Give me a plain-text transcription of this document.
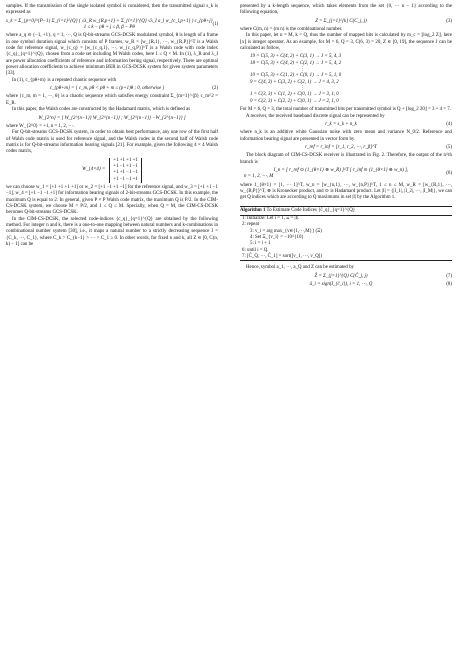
samples. If the transmission of the single isolated symbol is considered, then the transmitted signal s_k is expressed as

s_k = Σ_{p=0}^{P−1} Σ_{i=1}^{Q} ( √λ_R w_{R,p+1} + Σ_{l=1}^{Q} √λ_I a_l w_{c_l,p+1} ) c_{pθ+j}
1 ≤ k − pθ + j ≤ β, β − Pθ
(1)

where a_q ∈ {−1, +1}, q = 1, ⋯, Q is Q-bit-streams GCS-DCSK modulated symbol, θ is length of a frame in one symbol duration signal which consists of P frames, w_R = [w_{R,1}, ⋯, w_{R,P}]^T is a Walsh code for reference signal, w_{c_q} = [w_{c_q,1}, ⋯, w_{c_q,P}]^T is a Walsh code with code index {c_q}_{q=1}^{Q}, chosen from a code set including M Walsh codes, here 1 ≤ Q < M. In (1), λ_R and λ_I are power allocation coefficients of reference and information bering signal, respectively. There are optimal power allocation coefficients to achieve minimum BER in GCS-DCSK system for given system parameters [33].

In (1), c_{pθ+m} is a repeated chaotic sequence with

c_{pθ+m} = { c_m, pθ < pθ + m ≤ (p+1)θ ; 0, otherwise }	(2)

where {c_m, m = 1, ⋯, θ} is a chaotic sequence which satisfies energy constraint Σ_{m=1}^{β} c_m^2 = E_R.

In this paper, the Walsh codes are constructed by the Hadamard matrix, which is defined as

W_{2^n} = [ W_{2^{n−1}} W_{2^{n−1}} ; W_{2^{n−1}} −W_{2^{n−1}} ]

where W_{2^0} = +1, n = 1, 2, ⋯.

For Q-bit-streams GCS-DCSK system, in order to obtain best performance, any one row of the first half of Walsh code matrix is used for reference signal, and the Walsh codes in the second half of Walsh code matrix is for Q-bit-streams information bearing signals [21]. For example, given the following 4 × 4 Walsh codes matrix,

W_{4×4} =
+1 +1 +1 +1
+1 −1 +1 −1
+1 +1 −1 −1
+1 −1 −1 +1

we can choose w_1 = [+1 +1 +1 +1] or w_2 = [+1 −1 +1 −1] for the reference signal, and w_3 = [+1 +1 −1 −1], w_4 = [+1 −1 −1 +1] for information bearing signals of 2-bit-streams GCS-DCSK. In this example, the maximum Q is equal to 2. In general, given P × P Walsh code matrix, the maximum Q is P/2. In the CIM-CS-DCSK system, we choose M = P/2, and 1 ≤ Q ≤ M. Specially, when Q = M, the CIM-CS-DCSK becomes Q-bit-streams GCS-DCSK.

In the CIM-CS-DCSK, the selected code-indices {c_q}_{q=1}^{Q} are obtained by the following method. For integer n and k, there is a one-to-one mapping between natural numbers and k-combinations in combinational number system [30], i.e., it maps a natural number to a strictly decreasing sequence J = {C_k, ⋯, C_1}, where C_k > C_{k−1} > ⋯ > C_1 ≥ 0. In other words, for fixed n and k, all Z ∈ [0, C(n, k) − 1] can be

presented by a k-length sequence, which takes elements from the set {0, ⋯ n − 1} according to the following equation,

Z = Σ_{j=1}^{k} C(C_j, j)	(3)

where C(m, n) = (m n) is the combinational number.

In this paper, let n = M, k = Q, thus the number of mapped bits is calculated by m_c = ⌊log_2 Z⌋, here ⌊x⌋ is integer operator. As an example, for M = 6, Q = 3, C(6, 3) = 20, Z ∈ [0, 19], the sequence J can be calculated as follow,

19 = C(5, 3) + C(4, 2) + C(3, 1) → J = 5, 4, 3
18 = C(5, 3) + C(4, 2) + C(2, 1) → J = 5, 4, 2
⋮
10 = C(5, 3) + C(1, 2) + C(0, 1) → J = 5, 1, 0
9 = C(4, 3) + C(3, 2) + C(2, 1) → J = 4, 3, 2
⋮
1 = C(3, 3) + C(1, 2) + C(0, 1) → J = 3, 1, 0
0 = C(2, 3) + C(2, 2) + C(0, 1) → J = 2, 1, 0

For M = 6, Q = 3, the total number of transmitted bits per transmitted symbol is Q + ⌊log_2 20⌋ = 3 + 4 = 7.

A receiver, the received baseband discrete signal can be represented by

r_k = s_k + n_k	(4)

where n_k is an additive white Gaussian noise with zero mean and variance N_0/2. Reference and information bearing signal are presented in vector form by

r_ref = r_inf = [r_1, r_2, ⋯, r_β]^T	(5)

The block diagram of CIM-CS-DCSK receiver is illustrated in Fig. 2. Therefore, the output of the n^th branch is

I_n = [ r_ref ⊙ (1_{θ×1} ⊗ w_R) ]^T [ r_inf ⊙ (1_{θ×1} ⊗ w_n) ],
n = 1, 2, ⋯, M
(6)

where 1_{θ×1} = [1, ⋯ 1]^T, w_n = [w_{n,1}, ⋯, w_{n,P}]^T, 1 ≤ n ≤ M, w_R = [w_{R,1}, ⋯, w_{R,P}]^T, ⊗ is Kronecker product, and ⊙ is Hadamard product. Let |I| = {|I_1|, |I_2|, ⋯, |I_M|}, we can get Q indices which are according to Q maximums in set |I| by the Algorithm 1.

Algorithm 1 To Estimate Code Indices {ĉ_q}_{q=1}^{Q}
1: Initialize: Let i = 1, Ξ = |I|.
2: repeat
3: v_i = arg max_{v∈{1,⋯,M}} (Ξ)
4: Set Ξ_{v_i} = −10^{10}
5: i = i + 1
6: until i = Q.
7: [Ĉ_Q, ⋯, Ĉ_1] = sort([v_1, ⋯, v_Q])

Hence, symbol a_1, ⋯, a_Q and Z can be estimated by

Ẑ = Σ_{j=1}^{Q} C(Ĉ_j, j)	(7)
â_i = sign(I_{ĉ_i}), i = 1, ⋯, Q	(8)
